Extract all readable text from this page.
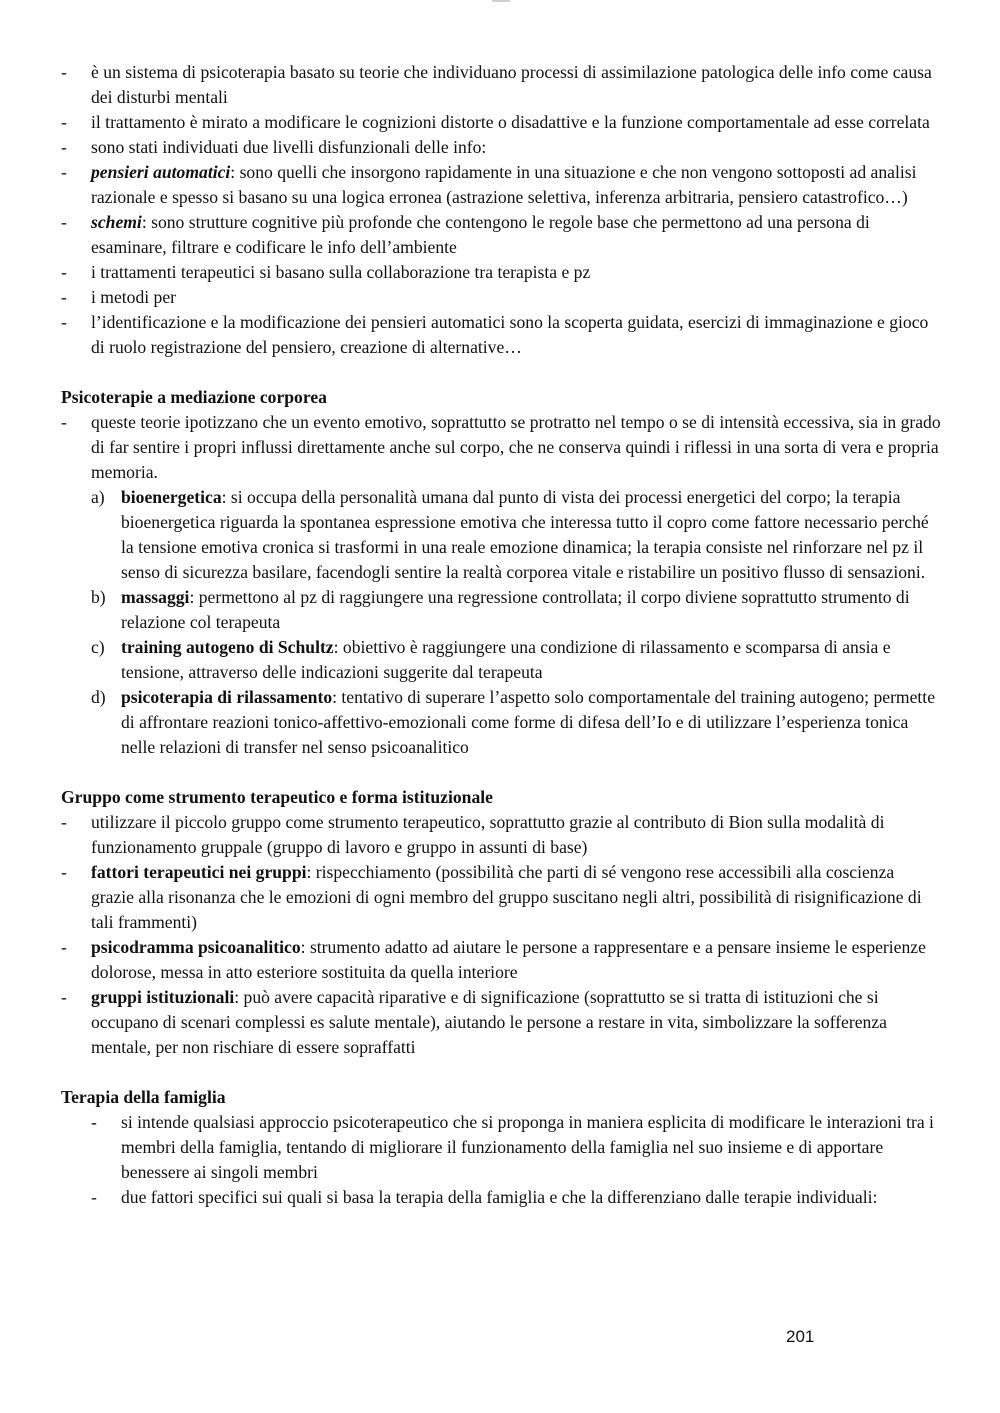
- è un sistema di psicoterapia basato su teorie che individuano processi di assimilazione patologica delle info come causa dei disturbi mentali
- il trattamento è mirato a modificare le cognizioni distorte o disadattive e la funzione comportamentale ad esse correlata
- sono stati individuati due livelli disfunzionali delle info:
- pensieri automatici: sono quelli che insorgono rapidamente in una situazione e che non vengono sottoposti ad analisi razionale e spesso si basano su una logica erronea (astrazione selettiva, inferenza arbitraria, pensiero catastrofico…)
- schemi: sono strutture cognitive più profonde che contengono le regole base che permettono ad una persona di esaminare, filtrare e codificare le info dell’ambiente
- i trattamenti terapeutici si basano sulla collaborazione tra terapista e pz
- i metodi per
- l’identificazione e la modificazione dei pensieri automatici sono la scoperta guidata, esercizi di immaginazione e gioco di ruolo registrazione del pensiero, creazione di alternative…
Psicoterapie a mediazione corporea
- queste teorie ipotizzano che un evento emotivo, soprattutto se protratto nel tempo o se di intensità eccessiva, sia in grado di far sentire i propri influssi direttamente anche sul corpo, che ne conserva quindi i riflessi in una sorta di vera e propria memoria.
a) bioenergetica: si occupa della personalità umana dal punto di vista dei processi energetici del corpo; la terapia bioenergetica riguarda la spontanea espressione emotiva che interessa tutto il copro come fattore necessario perché la tensione emotiva cronica si trasformi in una reale emozione dinamica; la terapia consiste nel rinforzare nel pz il senso di sicurezza basilare, facendogli sentire la realtà corporea vitale e ristabilire un positivo flusso di sensazioni.
b) massaggi: permettono al pz di raggiungere una regressione controllata; il corpo diviene soprattutto strumento di relazione col terapeuta
c) training autogeno di Schultz: obiettivo è raggiungere una condizione di rilassamento e scomparsa di ansia e tensione, attraverso delle indicazioni suggerite dal terapeuta
d) psicoterapia di rilassamento: tentativo di superare l’aspetto solo comportamentale del training autogeno; permette di affrontare reazioni tonico-affettivo-emozionali come forme di difesa dell’Io e di utilizzare l’esperienza tonica nelle relazioni di transfer nel senso psicoanalitico
Gruppo come strumento terapeutico e forma istituzionale
- utilizzare il piccolo gruppo come strumento terapeutico, soprattutto grazie al contributo di Bion sulla modalità di funzionamento gruppale (gruppo di lavoro e gruppo in assunti di base)
- fattori terapeutici nei gruppi: rispecchiamento (possibilità che parti di sé vengono rese accessibili alla coscienza grazie alla risonanza che le emozioni di ogni membro del gruppo suscitano negli altri, possibilità di risignificazione di tali frammenti)
- psicodramma psicoanalitico: strumento adatto ad aiutare le persone a rappresentare e a pensare insieme le esperienze dolorose, messa in atto esteriore sostituita da quella interiore
- gruppi istituzionali: può avere capacità riparative e di significazione (soprattutto se si tratta di istituzioni che si occupano di scenari complessi es salute mentale), aiutando le persone a restare in vita, simbolizzare la sofferenza mentale, per non rischiare di essere sopraffatti
Terapia della famiglia
- si intende qualsiasi approccio psicoterapeutico che si proponga in maniera esplicita di modificare le interazioni tra i membri della famiglia, tentando di migliorare il funzionamento della famiglia nel suo insieme e di apportare benessere ai singoli membri
- due fattori specifici sui quali si basa la terapia della famiglia e che la differenziano dalle terapie individuali:
201
